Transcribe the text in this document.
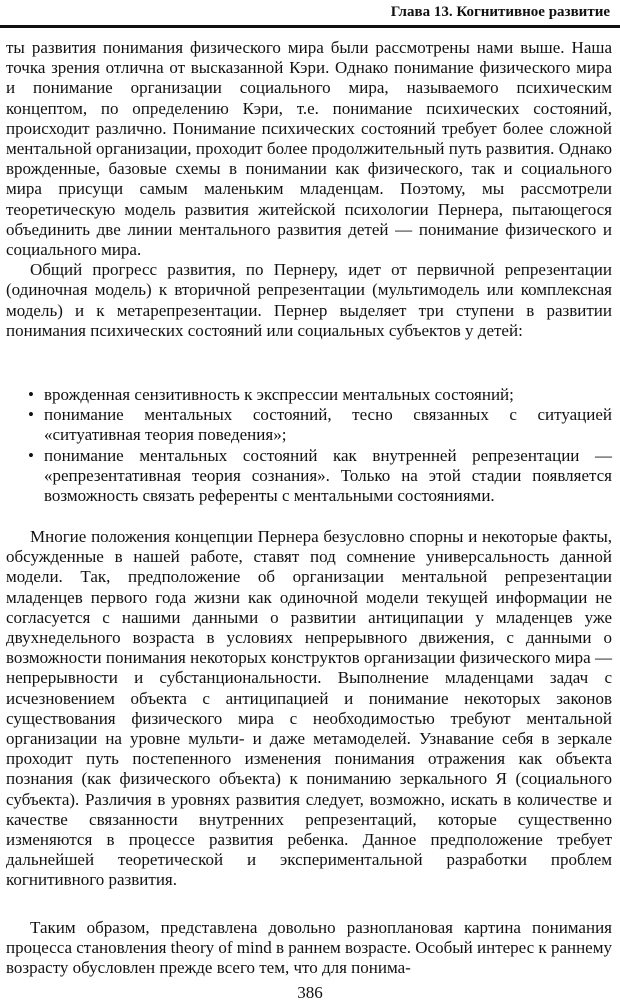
Глава 13. Когнитивное развитие

ты развития понимания физического мира были рассмотрены нами выше. Наша точка зрения отлична от высказанной Кэри. Однако понимание физического мира и понимание организации социального мира, называемого психическим концептом, по определению Кэри, т.е. понимание психических состояний, происходит различно. Понимание психических состояний требует более сложной ментальной организации, проходит более продолжительный путь развития. Однако врожденные, базовые схемы в понимании как физического, так и социального мира присущи самым маленьким младенцам. Поэтому, мы рассмотрели теоретическую модель развития житейской психологии Пернера, пытающегося объединить две линии ментального развития детей — понимание физического и социального мира.

Общий прогресс развития, по Пернеру, идет от первичной репрезентации (одиночная модель) к вторичной репрезентации (мультимодель или комплексная модель) и к метарепрезентации. Пернер выделяет три ступени в развитии понимания психических состояний или социальных субъектов у детей:

• врожденная сензитивность к экспрессии ментальных состояний;
• понимание ментальных состояний, тесно связанных с ситуацией «ситуативная теория поведения»;
• понимание ментальных состояний как внутренней репрезентации — «репрезентативная теория сознания». Только на этой стадии появляется возможность связать референты с ментальными состояниями.

Многие положения концепции Пернера безусловно спорны и некоторые факты, обсужденные в нашей работе, ставят под сомнение универсальность данной модели. Так, предположение об организации ментальной репрезентации младенцев первого года жизни как одиночной модели текущей информации не согласуется с нашими данными о развитии антиципации у младенцев уже двухнедельного возраста в условиях непрерывного движения, с данными о возможности понимания некоторых конструктов организации физического мира — непрерывности и субстанциональности. Выполнение младенцами задач с исчезновением объекта с антиципацией и понимание некоторых законов существования физического мира с необходимостью требуют ментальной организации на уровне мульти- и даже метамоделей. Узнавание себя в зеркале проходит путь постепенного изменения понимания отражения как объекта познания (как физического объекта) к пониманию зеркального Я (социального субъекта). Различия в уровнях развития следует, возможно, искать в количестве и качестве связанности внутренних репрезентаций, которые существенно изменяются в процессе развития ребенка. Данное предположение требует дальнейшей теоретической и экспериментальной разработки проблем когнитивного развития.

Таким образом, представлена довольно разноплановая картина понимания процесса становления theory of mind в раннем возрасте. Особый интерес к раннему возрасту обусловлен прежде всего тем, что для понима-

386
